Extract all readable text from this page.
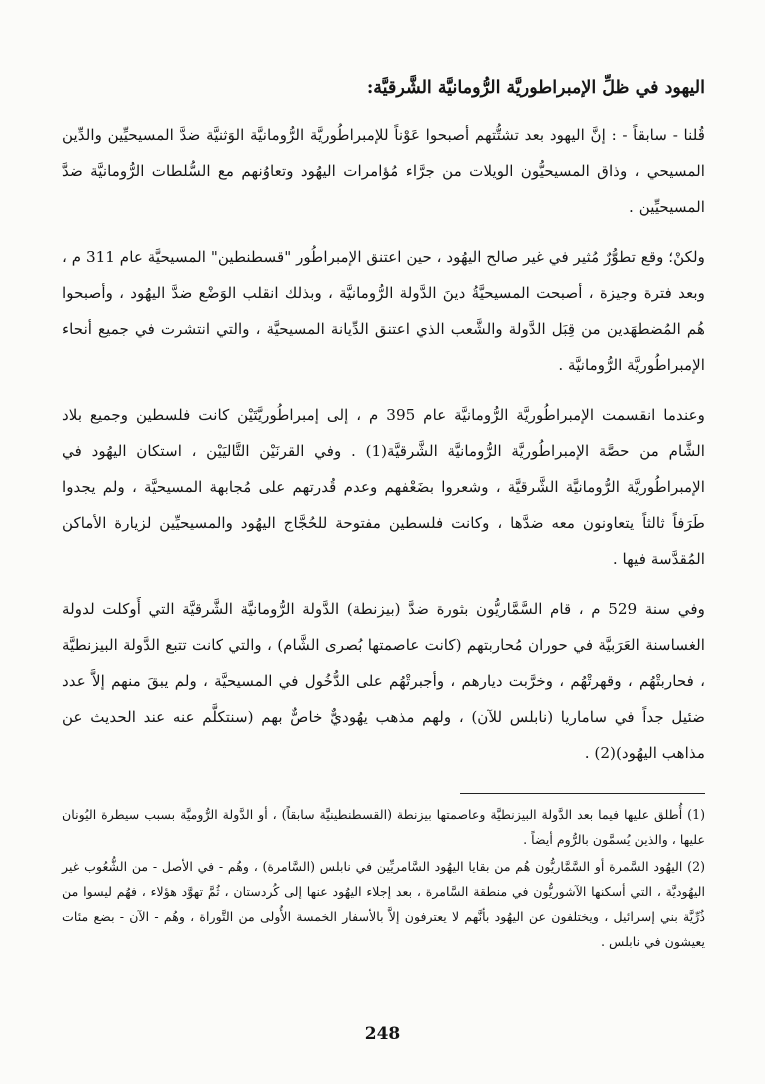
اليهود في ظلِّ الإمبراطوريَّة الرُّومانيَّة الشَّرقيَّة:
قُلنا - سابقاً - : إنَّ اليهود بعد تشتُّتهم أصبحوا عَوْناً للإمبراطُوريَّة الرُّومانيَّة الوَثنيَّة ضدَّ المسيحيِّين والدِّين المسيحي ، وذاق المسيحيُّون الويلات من جرَّاء مُؤامرات اليهُود وتعاوُنهم مع السُّلطات الرُّومانيَّة ضدَّ المسيحيِّين .
ولكنْ؛ وقع تطوُّرٌ مُثير في غير صالح اليهُود ، حين اعتنق الإمبراطُور "قسطنطين" المسيحيَّة عام 311 م ، وبعد فترة وجيزة ، أصبحت المسيحيَّةُ دينَ الدَّولة الرُّومانيَّة ، وبذلك انقلب الوَضْع ضدَّ اليهُود ، وأصبحوا هُم المُضطهَدين من قِبَل الدَّولة والشَّعب الذي اعتنق الدِّيانة المسيحيَّة ، والتي انتشرت في جميع أنحاء الإمبراطُوريَّة الرُّومانيَّة .
وعندما انقسمت الإمبراطُوريَّة الرُّومانيَّة عام 395 م ، إلى إمبراطُوريَّتَيْن كانت فلسطين وجميع بلاد الشَّام من حصَّة الإمبراطُوريَّة الرُّومانيَّة الشَّرقيَّة(1) . وفي القرنَيْن التَّاليَيْن ، استكان اليهُود في الإمبراطُوريَّة الرُّومانيَّة الشَّرقيَّة ، وشعروا بضَعْفهم وعدم قُدرتهم على مُجابهة المسيحيَّة ، ولم يجدوا طَرَفاً ثالثاً يتعاونون معه ضدَّها ، وكانت فلسطين مفتوحة للحُجَّاج اليهُود والمسيحيِّين لزيارة الأماكن المُقدَّسة فيها .
وفي سنة 529 م ، قام السَّمَّاريُّون بثورة ضدَّ (بيزنطة) الدَّولة الرُّومانيَّة الشَّرقيَّة التي أَوكلت لدولة الغساسنة العَرَبيَّة في حوران مُحاربتهم (كانت عاصمتها بُصرى الشَّام) ، والتي كانت تتبع الدَّولة البيزنطيَّة ، فحاربتْهُم ، وقهرتْهُم ، وخرَّبت ديارهم ، وأجبرتْهُم على الدُّخُول في المسيحيَّة ، ولم يبقَ منهم إلاَّ عدد ضئيل جداً في ساماريا (نابلس للآن) ، ولهم مذهب يهُوديٌّ خاصٌّ بهم (سنتكلَّم عنه عند الحديث عن مذاهب اليهُود)(2) .
(1) أُطلق عليها فيما بعد الدَّولة البيزنطيَّة وعاصمتها بيزنطة (القسطنطينيَّة سابقاً) ، أو الدَّولة الرُّوميَّة بسبب سيطرة اليُونان عليها ، والذين يُسمَّون بالرُّوم أيضاً .
(2) اليهُود السَّمرة أو السَّمَّاريُّون هُم من بقايا اليهُود السَّامريِّين في نابلس (السَّامرة) ، وهُم - في الأصل - من الشُّعُوب غير اليهُوديَّة ، التي أسكنها الآشوريُّون في منطقة السَّامرة ، بعد إجلاء اليهُود عنها إلى كُردستان ، ثُمَّ تهوَّد هؤلاء ، فهُم ليسوا من ذُرِّيَّة بني إسرائيل ، ويختلفون عن اليهُود بأنَّهم لا يعترفون إلاَّ بالأسفار الخمسة الأُولى من التَّوراة ، وهُم - الآن - بضع مئات يعيشون في نابلس .
248
